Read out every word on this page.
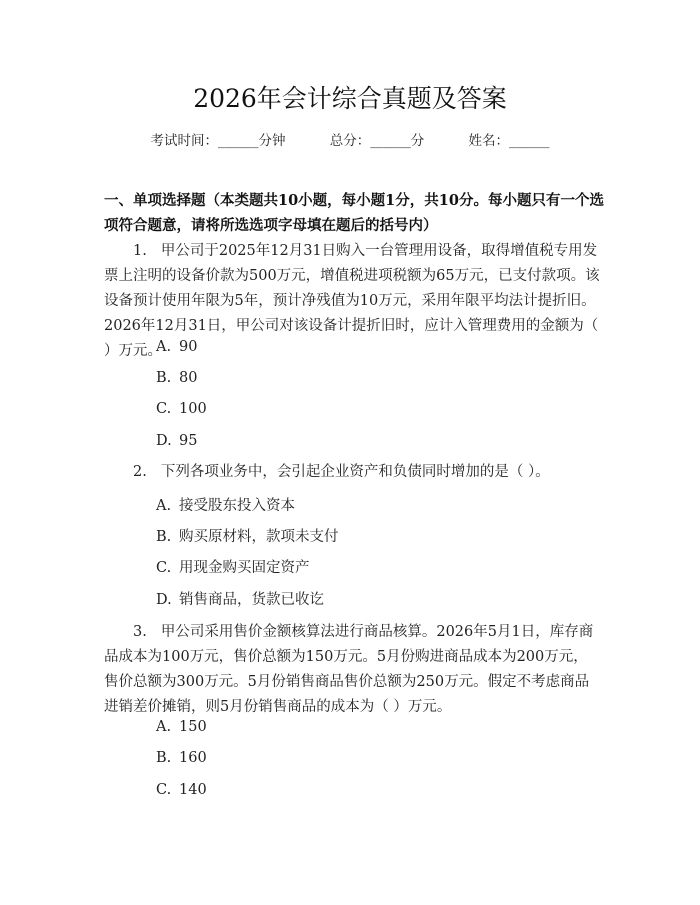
2026年会计综合真题及答案
考试时间：______分钟	总分：______分	姓名：______
一、单项选择题（本类题共10小题，每小题1分，共10分。每小题只有一个选项符合题意，请将所选选项字母填在题后的括号内）
1. 甲公司于2025年12月31日购入一台管理用设备，取得增值税专用发票上注明的设备价款为500万元，增值税进项税额为65万元，已支付款项。该设备预计使用年限为5年，预计净残值为10万元，采用年限平均法计提折旧。2026年12月31日，甲公司对该设备计提折旧时，应计入管理费用的金额为（ ）万元。
A. 90
B. 80
C. 100
D. 95
2. 下列各项业务中，会引起企业资产和负债同时增加的是（ ）。
A. 接受股东投入资本
B. 购买原材料，款项未支付
C. 用现金购买固定资产
D. 销售商品，货款已收讫
3. 甲公司采用售价金额核算法进行商品核算。2026年5月1日，库存商品成本为100万元，售价总额为150万元。5月份购进商品成本为200万元，售价总额为300万元。5月份销售商品售价总额为250万元。假定不考虑商品进销差价摊销，则5月份销售商品的成本为（ ）万元。
A. 150
B. 160
C. 140
